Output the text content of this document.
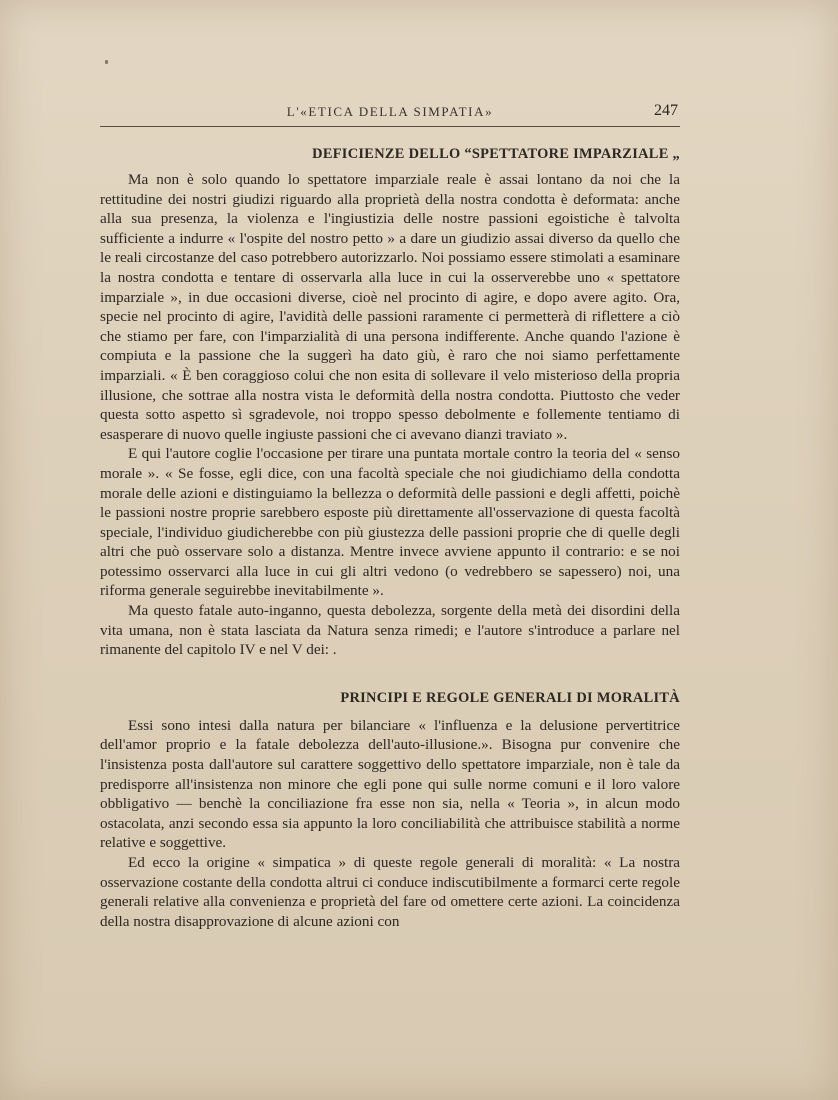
L'«ETICA DELLA SIMPATIA»	247
DEFICIENZE DELLO “SPETTATORE IMPARZIALE „

Ma non è solo quando lo spettatore imparziale reale è assai lontano da noi che la rettitudine dei nostri giudizi riguardo alla proprietà della nostra condotta è deformata: anche alla sua presenza, la violenza e l'ingiustizia delle nostre passioni egoistiche è talvolta sufficiente a indurre « l'ospite del nostro petto » a dare un giudizio assai diverso da quello che le reali circostanze del caso potrebbero autorizzarlo. Noi possiamo essere stimolati a esaminare la nostra condotta e tentare di osservarla alla luce in cui la osserverebbe uno « spettatore imparziale », in due occasioni diverse, cioè nel procinto di agire, e dopo avere agito. Ora, specie nel procinto di agire, l'avidità delle passioni raramente ci permetterà di riflettere a ciò che stiamo per fare, con l'imparzialità di una persona indifferente. Anche quando l'azione è compiuta e la passione che la suggerì ha dato giù, è raro che noi siamo perfettamente imparziali. « È ben coraggioso colui che non esita di sollevare il velo misterioso della propria illusione, che sottrae alla nostra vista le deformità della nostra condotta. Piuttosto che veder questa sotto aspetto sì sgradevole, noi troppo spesso debolmente e follemente tentiamo di esasperare di nuovo quelle ingiuste passioni che ci avevano dianzi traviato ».

E qui l'autore coglie l'occasione per tirare una puntata mortale contro la teoria del « senso morale ». « Se fosse, egli dice, con una facoltà speciale che noi giudichiamo della condotta morale delle azioni e distinguiamo la bellezza o deformità delle passioni e degli affetti, poichè le passioni nostre proprie sarebbero esposte più direttamente all'osservazione di questa facoltà speciale, l'individuo giudicherebbe con più giustezza delle passioni proprie che di quelle degli altri che può osservare solo a distanza. Mentre invece avviene appunto il contrario: e se noi potessimo osservarci alla luce in cui gli altri vedono (o vedrebbero se sapessero) noi, una riforma generale seguirebbe inevitabilmente ».

Ma questo fatale auto-inganno, questa debolezza, sorgente della metà dei disordini della vita umana, non è stata lasciata da Natura senza rimedi; e l'autore s'introduce a parlare nel rimanente del capitolo IV e nel V dei: .

PRINCIPI E REGOLE GENERALI DI MORALITÀ

Essi sono intesi dalla natura per bilanciare « l'influenza e la delusione pervertitrice dell'amor proprio e la fatale debolezza dell'auto-illusione.». Bisogna pur convenire che l'insistenza posta dall'autore sul carattere soggettivo dello spettatore imparziale, non è tale da predisporre all'insistenza non minore che egli pone qui sulle norme comuni e il loro valore obbligativo — benchè la conciliazione fra esse non sia, nella « Teoria », in alcun modo ostacolata, anzi secondo essa sia appunto la loro conciliabilità che attribuisce stabilità a norme relative e soggettive.

Ed ecco la origine « simpatica » di queste regole generali di moralità: « La nostra osservazione costante della condotta altrui ci conduce indiscutibilmente a formarci certe regole generali relative alla convenienza e proprietà del fare od omettere certe azioni. La coincidenza della nostra disapprovazione di alcune azioni con
